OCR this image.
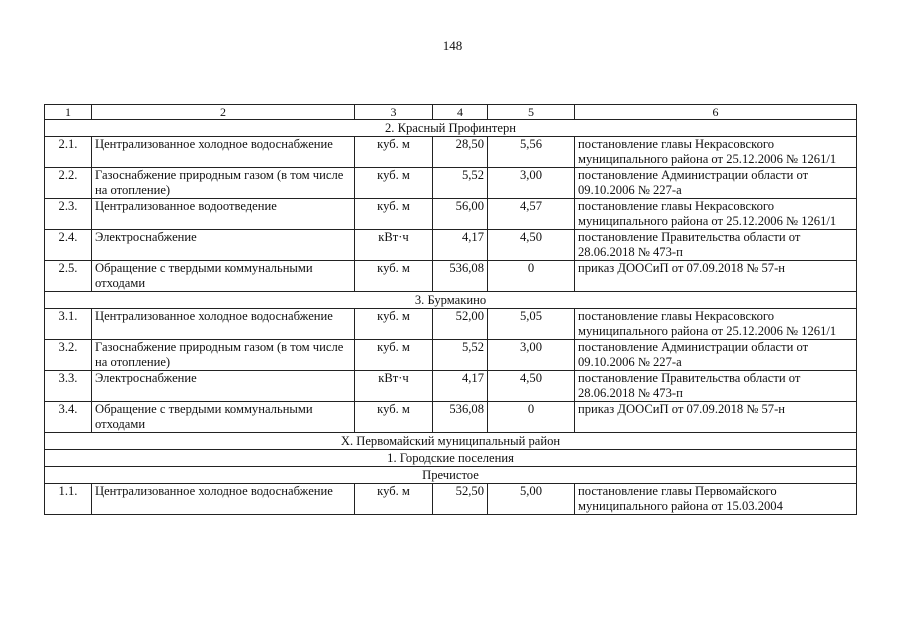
148
1	2	3	4	5	6
2. Красный Профинтерн					
2.1.	Централизованное холодное водоснабжение	куб. м	28,50	5,56	постановление главы Некрасовского муниципального района от 25.12.2006 № 1261/1
2.2.	Газоснабжение природным газом (в том числе на отопление)	куб. м	5,52	3,00	постановление Администрации области от 09.10.2006 № 227-а
2.3.	Централизованное водоотведение	куб. м	56,00	4,57	постановление главы Некрасовского муниципального района от 25.12.2006 № 1261/1
2.4.	Электроснабжение	кВт·ч	4,17	4,50	постановление Правительства области от 28.06.2018 № 473-п
2.5.	Обращение с твердыми коммунальными отходами	куб. м	536,08	0	приказ ДООСиП от 07.09.2018 № 57-н
3. Бурмакино					
3.1.	Централизованное холодное водоснабжение	куб. м	52,00	5,05	постановление главы Некрасовского муниципального района от 25.12.2006 № 1261/1
3.2.	Газоснабжение природным газом (в том числе на отопление)	куб. м	5,52	3,00	постановление Администрации области от 09.10.2006 № 227-а
3.3.	Электроснабжение	кВт·ч	4,17	4,50	постановление Правительства области от 28.06.2018 № 473-п
3.4.	Обращение с твердыми коммунальными отходами	куб. м	536,08	0	приказ ДООСиП от 07.09.2018 № 57-н
X. Первомайский муниципальный район					
1. Городские поселения					
Пречистое					
1.1.	Централизованное холодное водоснабжение	куб. м	52,50	5,00	постановление главы Первомайского муниципального района от 15.03.2004
